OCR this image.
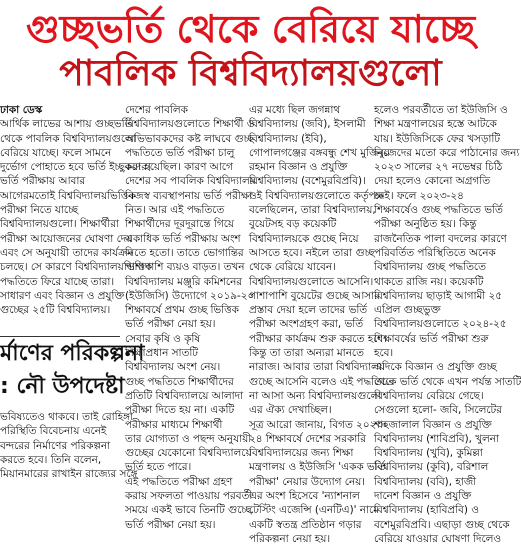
গুচ্ছভর্তি থেকে বেরিয়ে যাচ্ছে
পাবলিক বিশ্ববিদ্যালয়গুলো

ঢাকা ডেস্ক

আর্থিক লাভের আশায় গুচ্ছভর্তি

থেকে পাবলিক বিশ্ববিদ্যালয়গুলো

বেরিয়ে যাচ্ছে। ফলে সামনে

দুর্ভোগ পোহাতে হবে ভর্তি ইচ্ছুকদের।

ভর্তি পরীক্ষায় আবার

আগেরমতোই বিশ্ববিদ্যালয়ভিত্তিক

পরীক্ষা নিতে যাচ্ছে

বিশ্ববিদ্যালয়গুলো। শিক্ষার্থীরা

পরীক্ষা আয়োজনের ঘোষণা দেয়

এবং সে অনুযায়ী তাদের কার্যক্রম

চলছে। সে কারণে বিশ্ববিদ্যালয়ভিত্তিক

পদ্ধতিতে ফিরে যাচ্ছে তারা।

সাধারণ এবং বিজ্ঞান ও প্রযুক্তি

গুচ্ছের ২৫টি বিশ্ববিদ্যালয়।

দেশের পাবলিক

বিশ্ববিদ্যালয়গুলোতে শিক্ষার্থী ও

অভিভাবকদের কষ্ট লাঘবে গুচ্ছ

পদ্ধতিতে ভর্তি পরীক্ষা চালু

করা হয়েছিল। কারণ আগে

দেশের সব পাবলিক বিশ্ববিদ্যালয়

নিজস্ব ব্যবস্থাপনায় ভর্তি পরীক্ষা

নিত। আর এই পদ্ধতিতে

শিক্ষার্থীদের দূরদূরান্তে গিয়ে

একাধিক ভর্তি পরীক্ষায় অংশ

নিতে হতো। তাতে ভোগান্তির

পাশাপাশি ব্যয়ও বাড়ত। তখন

বিশ্ববিদ্যালয় মঞ্জুরি কমিশনের

(ইউজিসি) উদ্যোগে ২০১৯-২০

শিক্ষাবর্ষে প্রথম গুচ্ছ ভিত্তিক

ভর্তি পরীক্ষা নেয়া হয়।

সেবার কৃষি ও কৃষি

শিক্ষাপ্রধান সাতটি

বিশ্ববিদ্যালয় অংশ নেয়।

গুচ্ছ পদ্ধতিতে শিক্ষার্থীদের

প্রতিটি বিশ্ববিদ্যালয়ে আলাদা

পরীক্ষা দিতে হয় না। একটি

পরীক্ষার মাধ্যমে শিক্ষার্থী

তার যোগ্যতা ও পছন্দ অনুযায়ী

গুচ্ছের যেকোনো বিশ্ববিদ্যালয়ে

ভর্তি হতে পারে।

এই পদ্ধতিতে পরীক্ষা গ্রহণ

করায় সফলতা পাওয়ায় পরবর্তী

সময়ে একই ভাবে তিনটি গুচ্ছে

ভর্তি পরীক্ষা নেয়া হয়।

এর মধ্যে ছিল জগন্নাথ

বিশ্ববিদ্যালয় (জবি), ইসলামী

বিশ্ববিদ্যালয় (ইবি),

গোপালগঞ্জের বঙ্গবন্ধু শেখ মুজিবুর

রহমান বিজ্ঞান ও প্রযুক্তি

বিশ্ববিদ্যালয় (বশেমুরবিপ্রবি)।

ওই বিশ্ববিদ্যালয়গুলোতে কর্তৃপক্ষ

বলেছিলেন, তারা বিশ্ববিদ্যালয়,

বুয়েটসহ বড় কয়েকটি

বিশ্ববিদ্যালয়কে গুচ্ছে নিয়ে

আসতে হবে। নইলে তারা গুচ্ছ

থেকে বেরিয়ে যাবেন।

বিশ্ববিদ্যালয়গুলোতে আসেনি।

পাশাপাশি বুয়েটের গুচ্ছে আসার

প্রস্তাব দেয়া হলে তাদের ভর্তি

পরীক্ষা অংশগ্রহণ করা, ভর্তি

পরীক্ষার কার্যক্রম শুরু করতে হবে।

কিন্তু তা তারা অন্যরা মানতে

নারাজ। আবার তারা বিশ্ববিদ্যালয়

গুচ্ছে আসেনি বলেও এই পদ্ধতিতে

না আসা অন্য বিশ্ববিদ্যালয়গুলো

এর ঐক্য দেখাচ্ছিল।

সূত্র আরো জানায়, বিগত ২০২৩-

২৪ শিক্ষাবর্ষে দেশের সরকারি

বিশ্ববিদ্যালয়ের জন্য শিক্ষা

মন্ত্রণালয় ও ইউজিসি 'একক ভর্তি

পরীক্ষা' নেয়ার উদ্যোগ নেয়।

এর অংশ হিসেবে 'ন্যাশনাল

টেস্টিং এজেন্সি (এনটিএ)' নামে

একটি স্বতন্ত্র প্রতিষ্ঠান গড়ার

পরিকল্পনা নেয়া হয়।

হলেও পরবর্তীতে তা ইউজিসি ও

শিক্ষা মন্ত্রণালয়ের হস্তে আটকে

যায়। ইউজিসিকে ফের খসড়াটি

নিজেদের মতো করে পাঠানোর জন্য

২০২৩ সালের ২৭ নভেম্বর চিঠি

দেয়া হলেও কোনো অগ্রগতি

নেই। ফলে ২০২৩-২৪

শিক্ষাবর্ষেও গুচ্ছ পদ্ধতিতে ভর্তি

পরীক্ষা অনুষ্ঠিত হয়। কিন্তু

রাজনৈতিক পালা বদলের কারণে

পরিবর্তিত পরিস্থিতিতে অনেক

বিশ্ববিদ্যালয় গুচ্ছ পদ্ধতিতে

থাকতে রাজি নয়। কয়েকটি

বিশ্ববিদ্যালয় ছাড়াই আগামী ২৫

এপ্রিল গুচ্ছভুক্ত

বিশ্ববিদ্যালয়গুলোতে ২০২৪-২৫

শিক্ষাবর্ষের ভর্তি পরীক্ষা শুরু

হবে।

এদিকে বিজ্ঞান ও প্রযুক্তি গুচ্ছ

থেকে ভর্তি থেকে এখন পর্যন্ত সাতটি

বিশ্ববিদ্যালয় বেরিয়ে গেছে।

সেগুলো হলো- জবি, সিলেটের

শাহজালাল বিজ্ঞান ও প্রযুক্তি

বিশ্ববিদ্যালয় (শাবিপ্রবি), খুলনা

বিশ্ববিদ্যালয় (খুবি), কুমিল্লা

বিশ্ববিদ্যালয় (কুবি), বরিশাল

বিশ্ববিদ্যালয় (ববি), হাজী

দানেশ বিজ্ঞান ও প্রযুক্তি

বিশ্ববিদ্যালয় (হাবিপ্রবি) ও

বশেমুরবিপ্রবি। এছাড়া গুচ্ছ থেকে

বেরিয়ে যাওয়ার ঘোষণা দিলেও

র্মাণের পরিকল্পনা
: নৌ উপদেষ্টা

ভবিষ্যতেও থাকবে। তাই রোহিঙ্গা

পরিস্থিতি বিবেচনায় এনেই

বন্দরের নির্মাণের পরিকল্পনা

করতে হবে। তিনি বলেন,

মিয়ানমারের রাখাইন রাজ্যের সঙ্গে
